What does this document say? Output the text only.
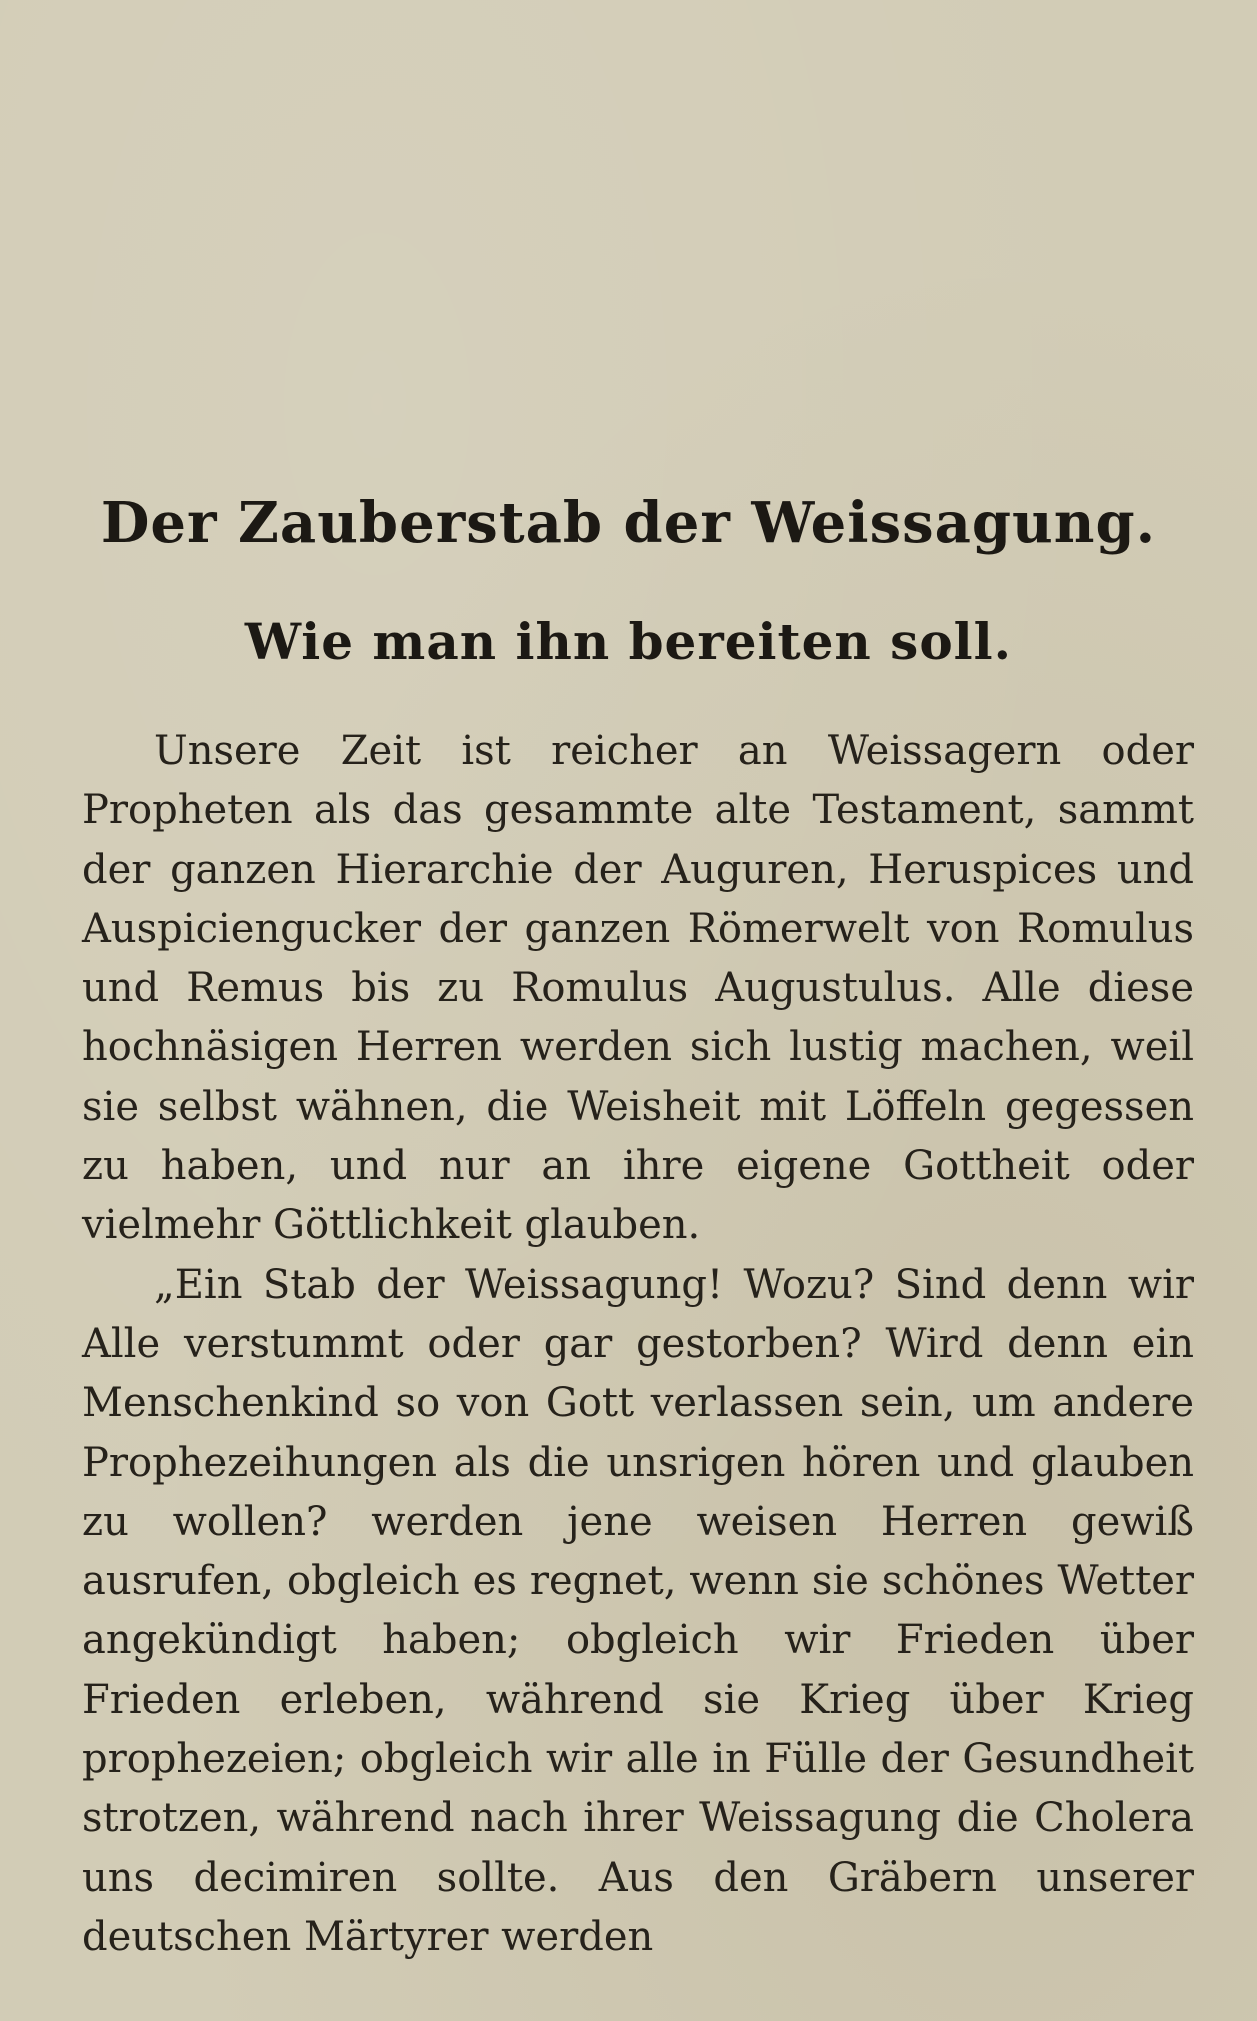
Der Zauberstab der Weissagung.
Wie man ihn bereiten soll.

Unsere Zeit ist reicher an Weissagern oder Propheten als das gesammte alte Testament, sammt der ganzen Hierarchie der Auguren, Heruspices und Auspiciengucker der ganzen Römerwelt von Romulus und Remus bis zu Romulus Augustulus. Alle diese hochnäsigen Herren werden sich lustig machen, weil sie selbst wähnen, die Weisheit mit Löffeln gegessen zu haben, und nur an ihre eigene Gottheit oder vielmehr Göttlichkeit glauben.

„Ein Stab der Weissagung! Wozu? Sind denn wir Alle verstummt oder gar gestorben? Wird denn ein Menschenkind so von Gott verlassen sein, um andere Prophezeihungen als die unsrigen hören und glauben zu wollen? werden jene weisen Herren gewiß ausrufen, obgleich es regnet, wenn sie schönes Wetter angekündigt haben; obgleich wir Frieden über Frieden erleben, während sie Krieg über Krieg prophezeien; obgleich wir alle in Fülle der Gesundheit strotzen, während nach ihrer Weissagung die Cholera uns decimiren sollte. Aus den Gräbern unserer deutschen Märtyrer werden
